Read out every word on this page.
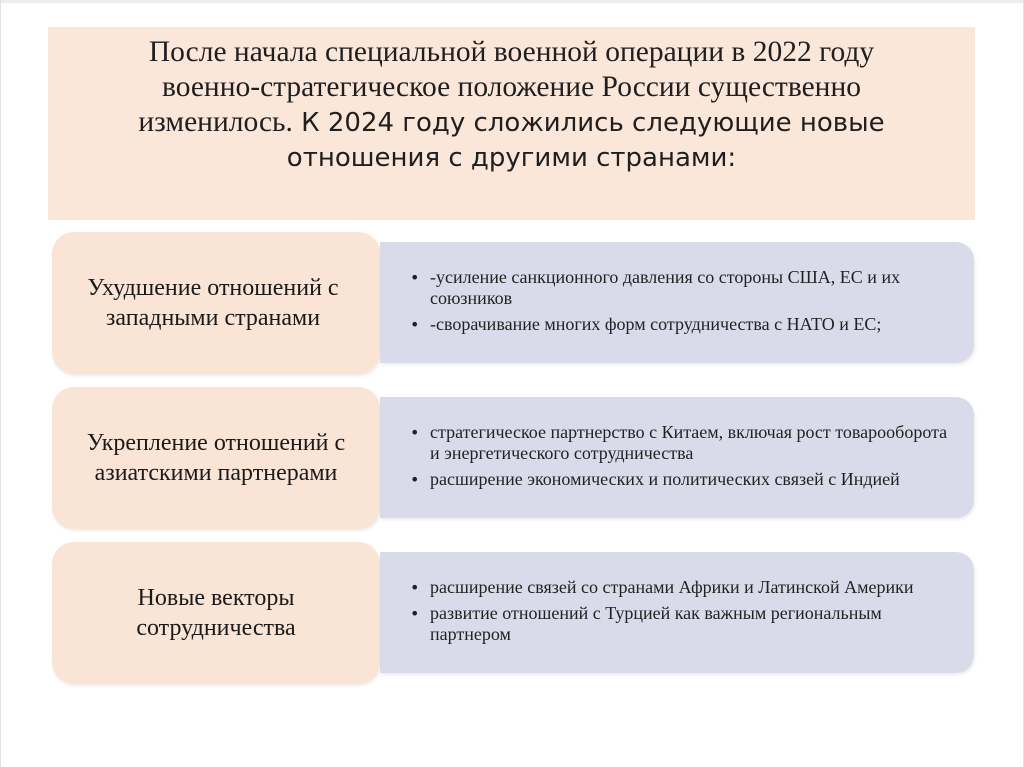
После начала специальной военной операции в 2022 году
военно-стратегическое положение России существенно
изменилось. К 2024 году сложились следующие новые
отношения с другими странами:
Ухудшение отношений с западными странами
• -усиление санкционного давления со стороны США, ЕС и их союзников
• -сворачивание многих форм сотрудничества с НАТО и ЕС;
Укрепление отношений с азиатскими партнерами
• стратегическое партнерство с Китаем, включая рост товарооборота и энергетического сотрудничества
• расширение экономических и политических связей с Индией
Новые векторы сотрудничества
• расширение связей со странами Африки и Латинской Америки
• развитие отношений с Турцией как важным региональным партнером
